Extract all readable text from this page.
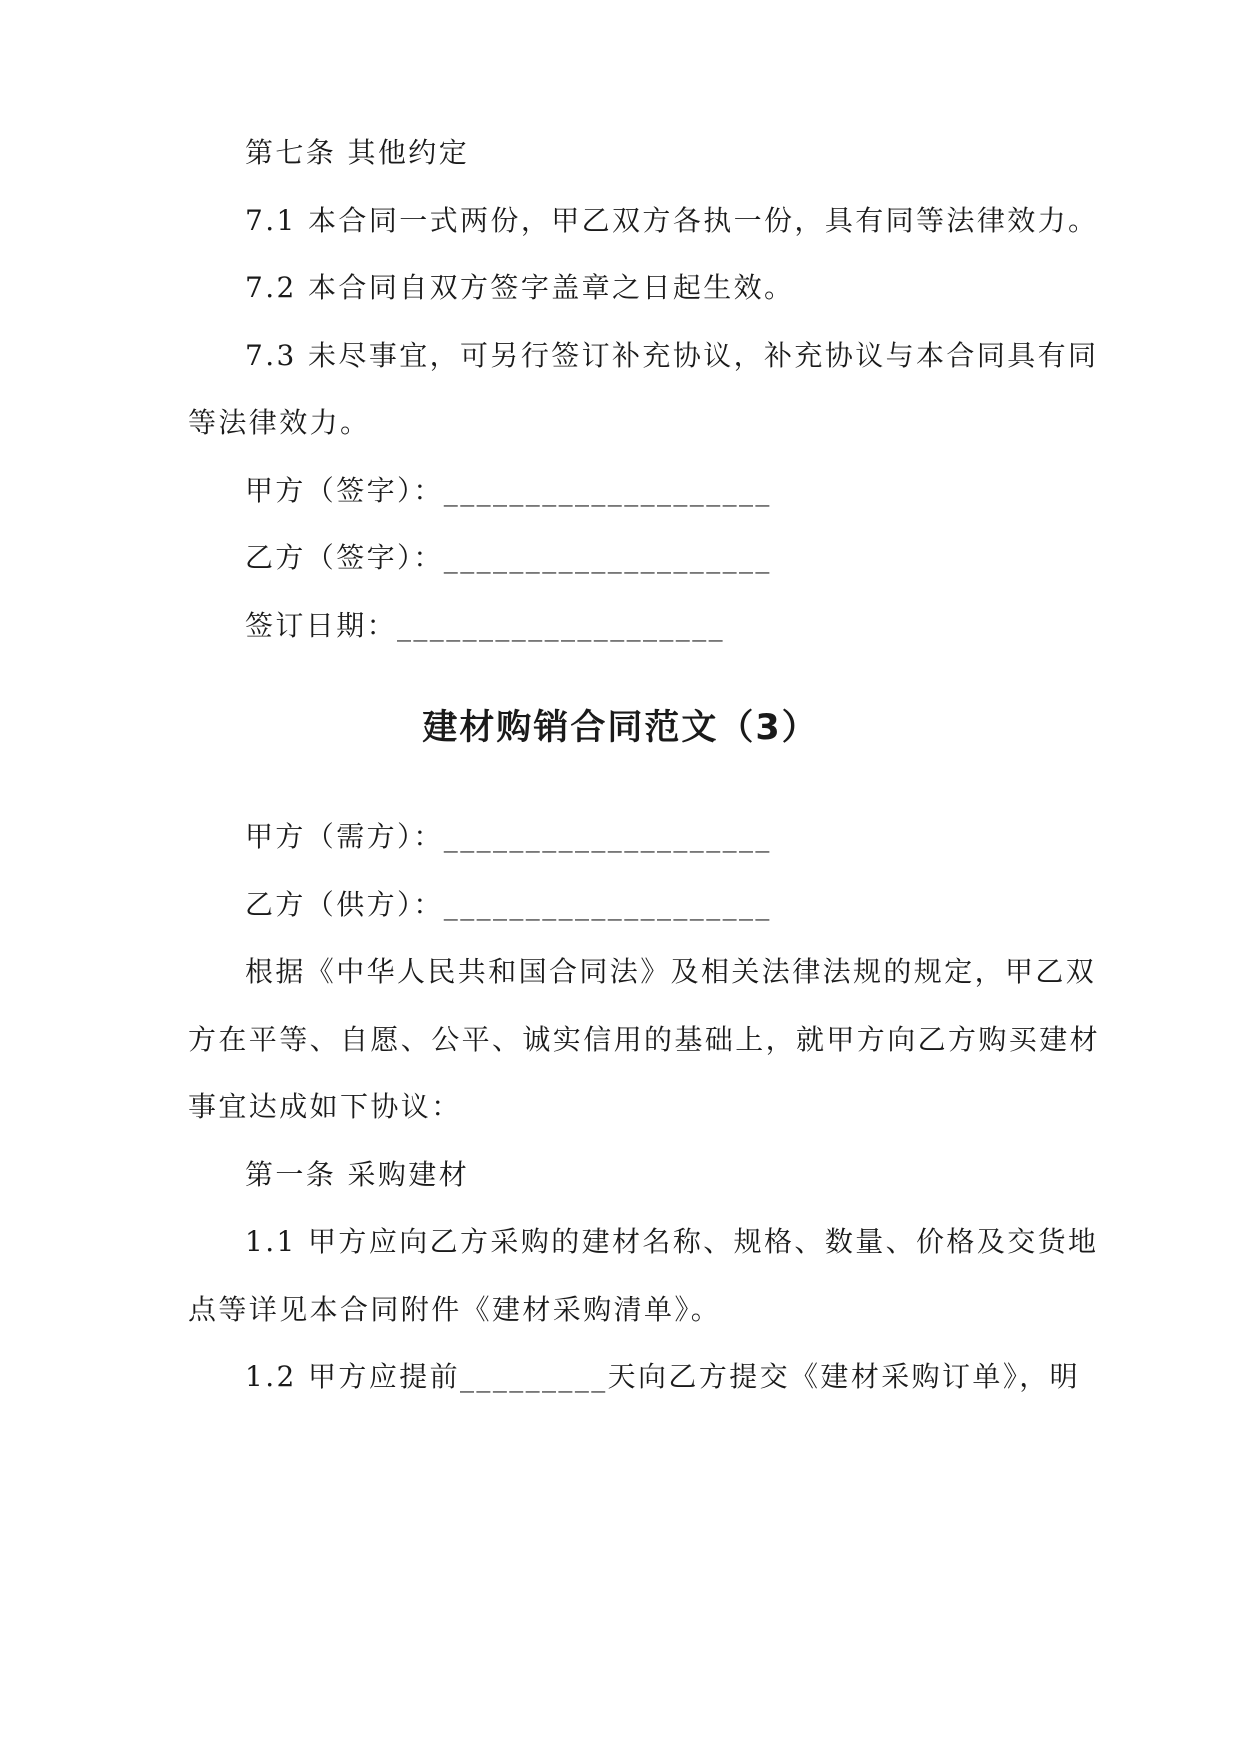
第七条 其他约定
7.1 本合同一式两份，甲乙双方各执一份，具有同等法律效力。
7.2 本合同自双方签字盖章之日起生效。
7.3 未尽事宜，可另行签订补充协议，补充协议与本合同具有同
等法律效力。
甲方（签字）：____________________
乙方（签字）：____________________
签订日期：____________________
建材购销合同范文（3）
甲方（需方）：____________________
乙方（供方）：____________________
根据《中华人民共和国合同法》及相关法律法规的规定，甲乙双
方在平等、自愿、公平、诚实信用的基础上，就甲方向乙方购买建材
事宜达成如下协议：
第一条 采购建材
1.1 甲方应向乙方采购的建材名称、规格、数量、价格及交货地
点等详见本合同附件《建材采购清单》。
1.2 甲方应提前_________天向乙方提交《建材采购订单》，明
